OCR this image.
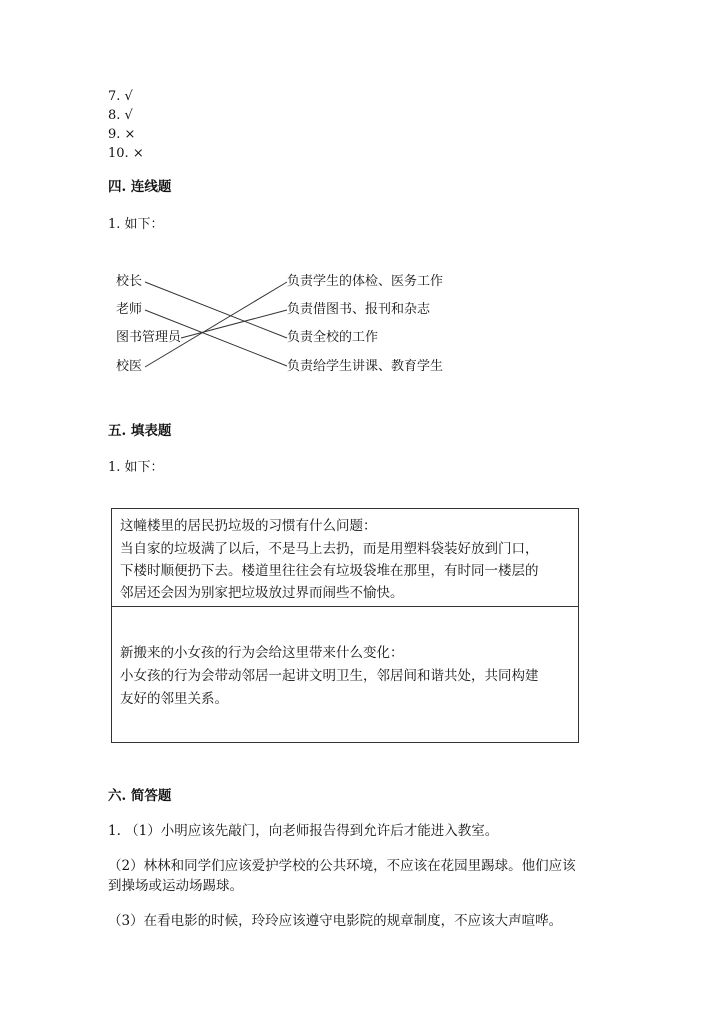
7. √
8. √
9. ×
10. ×
四. 连线题
1. 如下：
校长
老师
图书管理员
校医
负责学生的体检、医务工作
负责借图书、报刊和杂志
负责全校的工作
负责给学生讲课、教育学生
五. 填表题
1. 如下：
这幢楼里的居民扔垃圾的习惯有什么问题：
当自家的垃圾满了以后，不是马上去扔，而是用塑料袋装好放到门口，
下楼时顺便扔下去。楼道里往往会有垃圾袋堆在那里，有时同一楼层的
邻居还会因为别家把垃圾放过界而闹些不愉快。
新搬来的小女孩的行为会给这里带来什么变化：
小女孩的行为会带动邻居一起讲文明卫生，邻居间和谐共处，共同构建
友好的邻里关系。
六. 简答题
1. （1）小明应该先敲门，向老师报告得到允许后才能进入教室。
（2）林林和同学们应该爱护学校的公共环境，不应该在花园里踢球。他们应该
到操场或运动场踢球。
（3）在看电影的时候，玲玲应该遵守电影院的规章制度，不应该大声喧哗。
